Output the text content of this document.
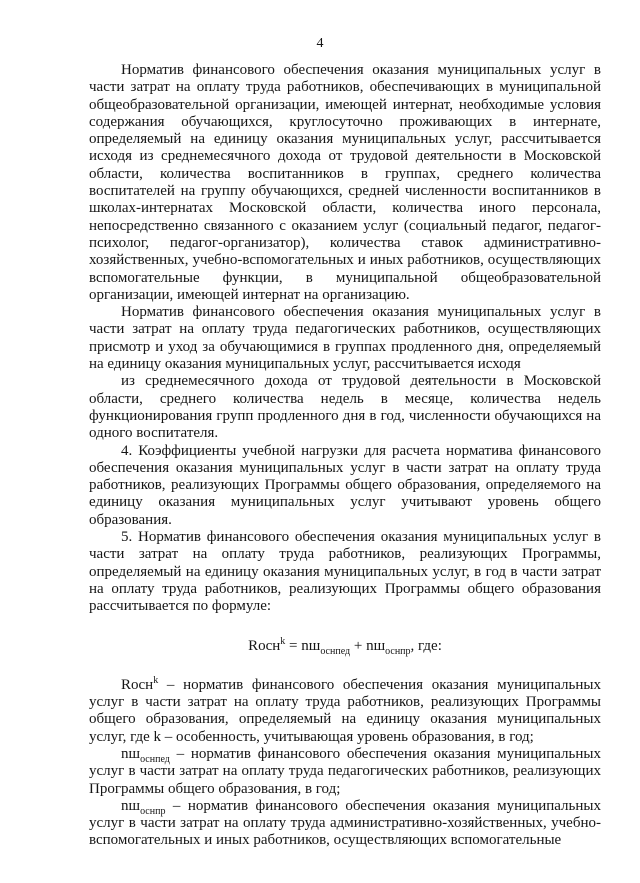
4

Норматив финансового обеспечения оказания муниципальных услуг в части затрат на оплату труда работников, обеспечивающих в муниципальной общеобразовательной организации, имеющей интернат, необходимые условия содержания обучающихся, круглосуточно проживающих в интернате, определяемый на единицу оказания муниципальных услуг, рассчитывается исходя из среднемесячного дохода от трудовой деятельности в Московской области, количества воспитанников в группах, среднего количества воспитателей на группу обучающихся, средней численности воспитанников в школах-интернатах Московской области, количества иного персонала, непосредственно связанного с оказанием услуг (социальный педагог, педагог-психолог, педагог-организатор), количества ставок административно-хозяйственных, учебно-вспомогательных и иных работников, осуществляющих вспомогательные функции, в муниципальной общеобразовательной организации, имеющей интернат на организацию.

Норматив финансового обеспечения оказания муниципальных услуг в части затрат на оплату труда педагогических работников, осуществляющих присмотр и уход за обучающимися в группах продленного дня, определяемый на единицу оказания муниципальных услуг, рассчитывается исходя

из среднемесячного дохода от трудовой деятельности в Московской области, среднего количества недель в месяце, количества недель функционирования групп продленного дня в год, численности обучающихся на одного воспитателя.

4. Коэффициенты учебной нагрузки для расчета норматива финансового обеспечения оказания муниципальных услуг в части затрат на оплату труда работников, реализующих Программы общего образования, определяемого на единицу оказания муниципальных услуг учитывают уровень общего образования.

5. Норматив финансового обеспечения оказания муниципальных услуг в части затрат на оплату труда работников, реализующих Программы, определяемый на единицу оказания муниципальных услуг, в год в части затрат на оплату труда работников, реализующих Программы общего образования рассчитывается по формуле:

Roсн$^k$ = $nш_{оснпед} + nш_{оснпр}$, где:

Roсн$^k$ – норматив финансового обеспечения оказания муниципальных услуг в части затрат на оплату труда работников, реализующих Программы общего образования, определяемый на единицу оказания муниципальных услуг, где k – особенность, учитывающая уровень образования, в год;

$nш_{оснпед}$ – норматив финансового обеспечения оказания муниципальных услуг в части затрат на оплату труда педагогических работников, реализующих Программы общего образования, в год;

$nш_{оснпр}$ – норматив финансового обеспечения оказания муниципальных услуг в части затрат на оплату труда административно-хозяйственных, учебно-вспомогательных и иных работников, осуществляющих вспомогательные
